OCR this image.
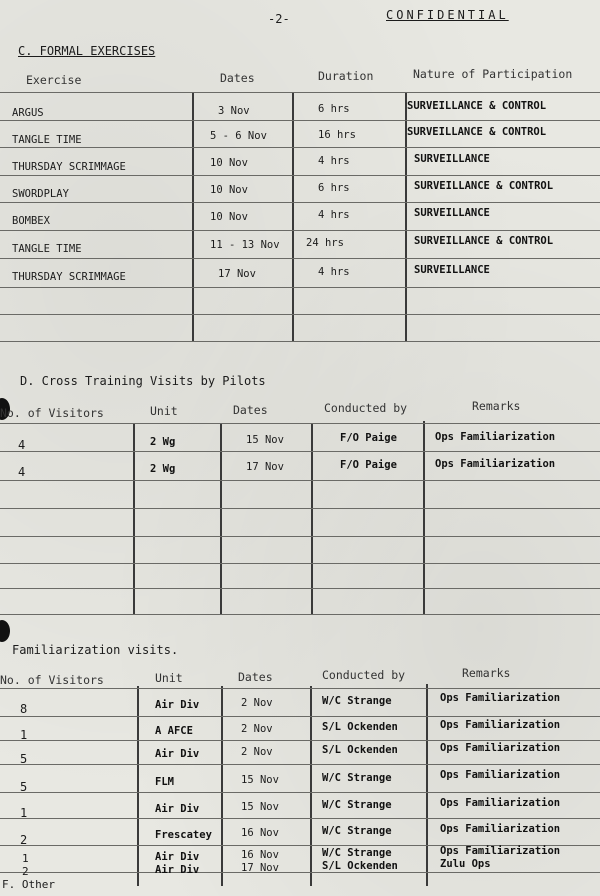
-2-	CONFIDENTIAL
C. FORMAL EXERCISES
Exercise	Dates	Duration	Nature of Participation
ARGUS	3 Nov	6 hrs	SURVEILLANCE & CONTROL
TANGLE TIME	5 - 6 Nov	16 hrs	SURVEILLANCE & CONTROL
THURSDAY SCRIMMAGE	10 Nov	4 hrs	SURVEILLANCE
SWORDPLAY	10 Nov	6 hrs	SURVEILLANCE & CONTROL
BOMBEX	10 Nov	4 hrs	SURVEILLANCE
TANGLE TIME	11 - 13 Nov	24 hrs	SURVEILLANCE & CONTROL
THURSDAY SCRIMMAGE	17 Nov	4 hrs	SURVEILLANCE
D. Cross Training Visits by Pilots
No. of Visitors	Unit	Dates	Conducted by	Remarks
4	2 Wg	15 Nov	F/O Paige	Ops Familiarization
4	2 Wg	17 Nov	F/O Paige	Ops Familiarization
Familiarization visits.
No. of Visitors	Unit	Dates	Conducted by	Remarks
8	Air Div	2 Nov	W/C Strange	Ops Familiarization
1	A AFCE	2 Nov	S/L Ockenden	Ops Familiarization
5	Air Div	2 Nov	S/L Ockenden	Ops Familiarization
5	FLM	15 Nov	W/C Strange	Ops Familiarization
1	Air Div	15 Nov	W/C Strange	Ops Familiarization
2	Frescatey	16 Nov	W/C Strange	Ops Familiarization
1	Air Div	16 Nov	W/C Strange	Ops Familiarization
2	Air Div	17 Nov	S/L Ockenden	Zulu Ops
F. Other
